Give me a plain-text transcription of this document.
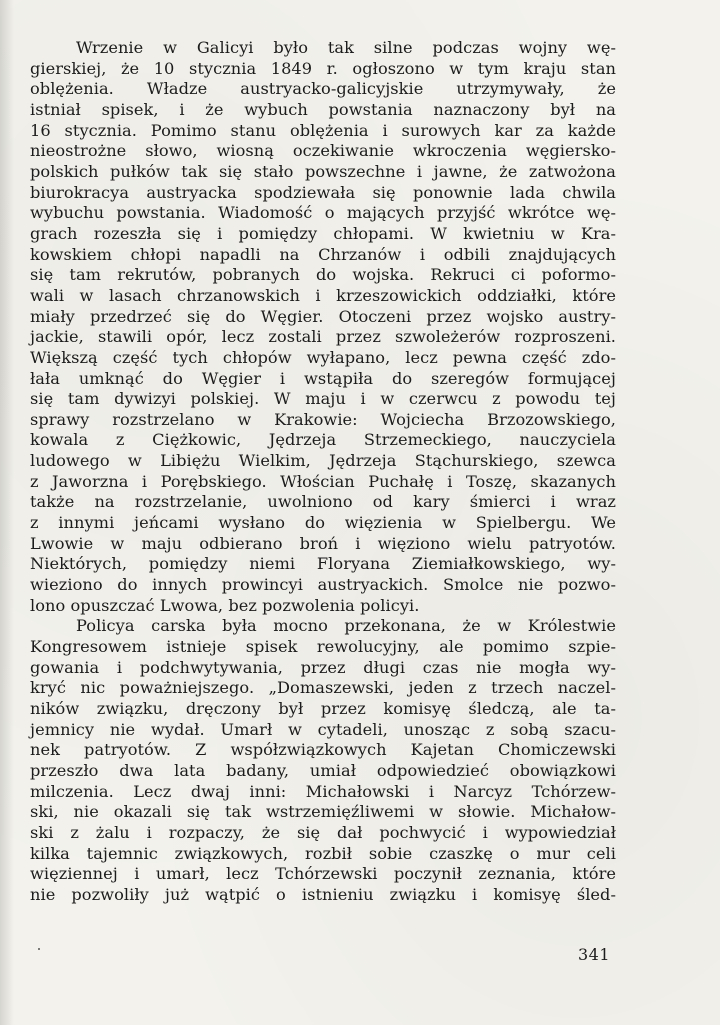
Wrzenie w Galicyi było tak silne podczas wojny wę-
gierskiej, że 10 stycznia 1849 r. ogłoszono w tym kraju stan
oblężenia. Władze austryacko-galicyjskie utrzymywały, że
istniał spisek, i że wybuch powstania naznaczony był na
16 stycznia. Pomimo stanu oblężenia i surowych kar za każde
nieostrożne słowo, wiosną oczekiwanie wkroczenia węgiersko-
polskich pułków tak się stało powszechne i jawne, że zatwożona
biurokracya austryacka spodziewała się ponownie lada chwila
wybuchu powstania. Wiadomość o mających przyjść wkrótce wę-
grach rozeszła się i pomiędzy chłopami. W kwietniu w Kra-
kowskiem chłopi napadli na Chrzanów i odbili znajdujących
się tam rekrutów, pobranych do wojska. Rekruci ci poformo-
wali w lasach chrzanowskich i krzeszowickich oddziałki, które
miały przedrzeć się do Węgier. Otoczeni przez wojsko austry-
jackie, stawili opór, lecz zostali przez szwoleżerów rozproszeni.
Większą część tych chłopów wyłapano, lecz pewna część zdo-
łała umknąć do Węgier i wstąpiła do szeregów formującej
się tam dywizyi polskiej. W maju i w czerwcu z powodu tej
sprawy rozstrzelano w Krakowie: Wojciecha Brzozowskiego,
kowala z Ciężkowic, Jędrzeja Strzemeckiego, nauczyciela
ludowego w Libiężu Wielkim, Jędrzeja Stąchurskiego, szewca
z Jaworzna i Porębskiego. Włościan Puchałę i Toszę, skazanych
także na rozstrzelanie, uwolniono od kary śmierci i wraz
z innymi jeńcami wysłano do więzienia w Spielbergu. We
Lwowie w maju odbierano broń i więziono wielu patryotów.
Niektórych, pomiędzy niemi Floryana Ziemiałkowskiego, wy-
wieziono do innych prowincyi austryackich. Smolce nie pozwo-
lono opuszczać Lwowa, bez pozwolenia policyi.

Policya carska była mocno przekonana, że w Królestwie
Kongresowem istnieje spisek rewolucyjny, ale pomimo szpie-
gowania i podchwytywania, przez długi czas nie mogła wy-
kryć nic poważniejszego. „Domaszewski, jeden z trzech naczel-
ników związku, dręczony był przez komisyę śledczą, ale ta-
jemnicy nie wydał. Umarł w cytadeli, unosząc z sobą szacu-
nek patryotów. Z współzwiązkowych Kajetan Chomiczewski
przeszło dwa lata badany, umiał odpowiedzieć obowiązkowi
milczenia. Lecz dwaj inni: Michałowski i Narcyz Tchórzew-
ski, nie okazali się tak wstrzemięźliwemi w słowie. Michałow-
ski z żalu i rozpaczy, że się dał pochwycić i wypowiedział
kilka tajemnic związkowych, rozbił sobie czaszkę o mur celi
więziennej i umarł, lecz Tchórzewski poczynił zeznania, które
nie pozwoliły już wątpić o istnieniu związku i komisyę śled-

341
